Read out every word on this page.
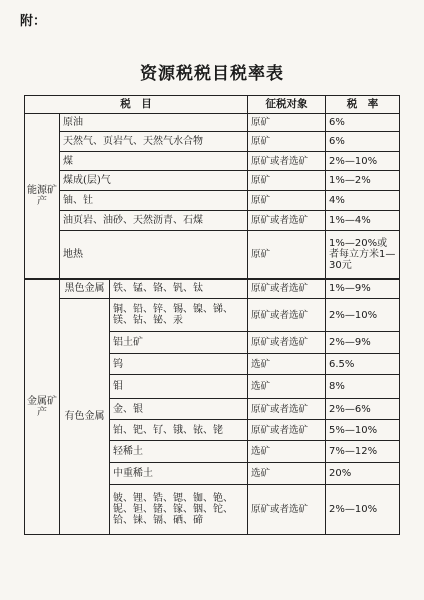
附：
资源税税目税率表
税　目			征税对象	税　率
能源矿产	原油		原矿	6%
	天然气、页岩气、天然气水合物		原矿	6%
	煤		原矿或者选矿	2%—10%
	煤成(层)气		原矿	1%—2%
	铀、钍		原矿	4%
	油页岩、油砂、天然沥青、石煤		原矿或者选矿	1%—4%
	地热		原矿	1%—20%或者每立方米1—30元
金属矿产	黑色金属	铁、锰、铬、钒、钛	原矿或者选矿	1%—9%
	有色金属	铜、铅、锌、锡、镍、锑、镁、钴、铋、汞	原矿或者选矿	2%—10%
		铝土矿	原矿或者选矿	2%—9%
		钨	选矿	6.5%
		钼	选矿	8%
		金、银	原矿或者选矿	2%—6%
		铂、钯、钌、锇、铱、铑	原矿或者选矿	5%—10%
		轻稀土	选矿	7%—12%
		中重稀土	选矿	20%
		铍、锂、锆、锶、铷、铯、铌、钽、锗、镓、铟、铊、铪、铼、镉、硒、碲	原矿或者选矿	2%—10%
